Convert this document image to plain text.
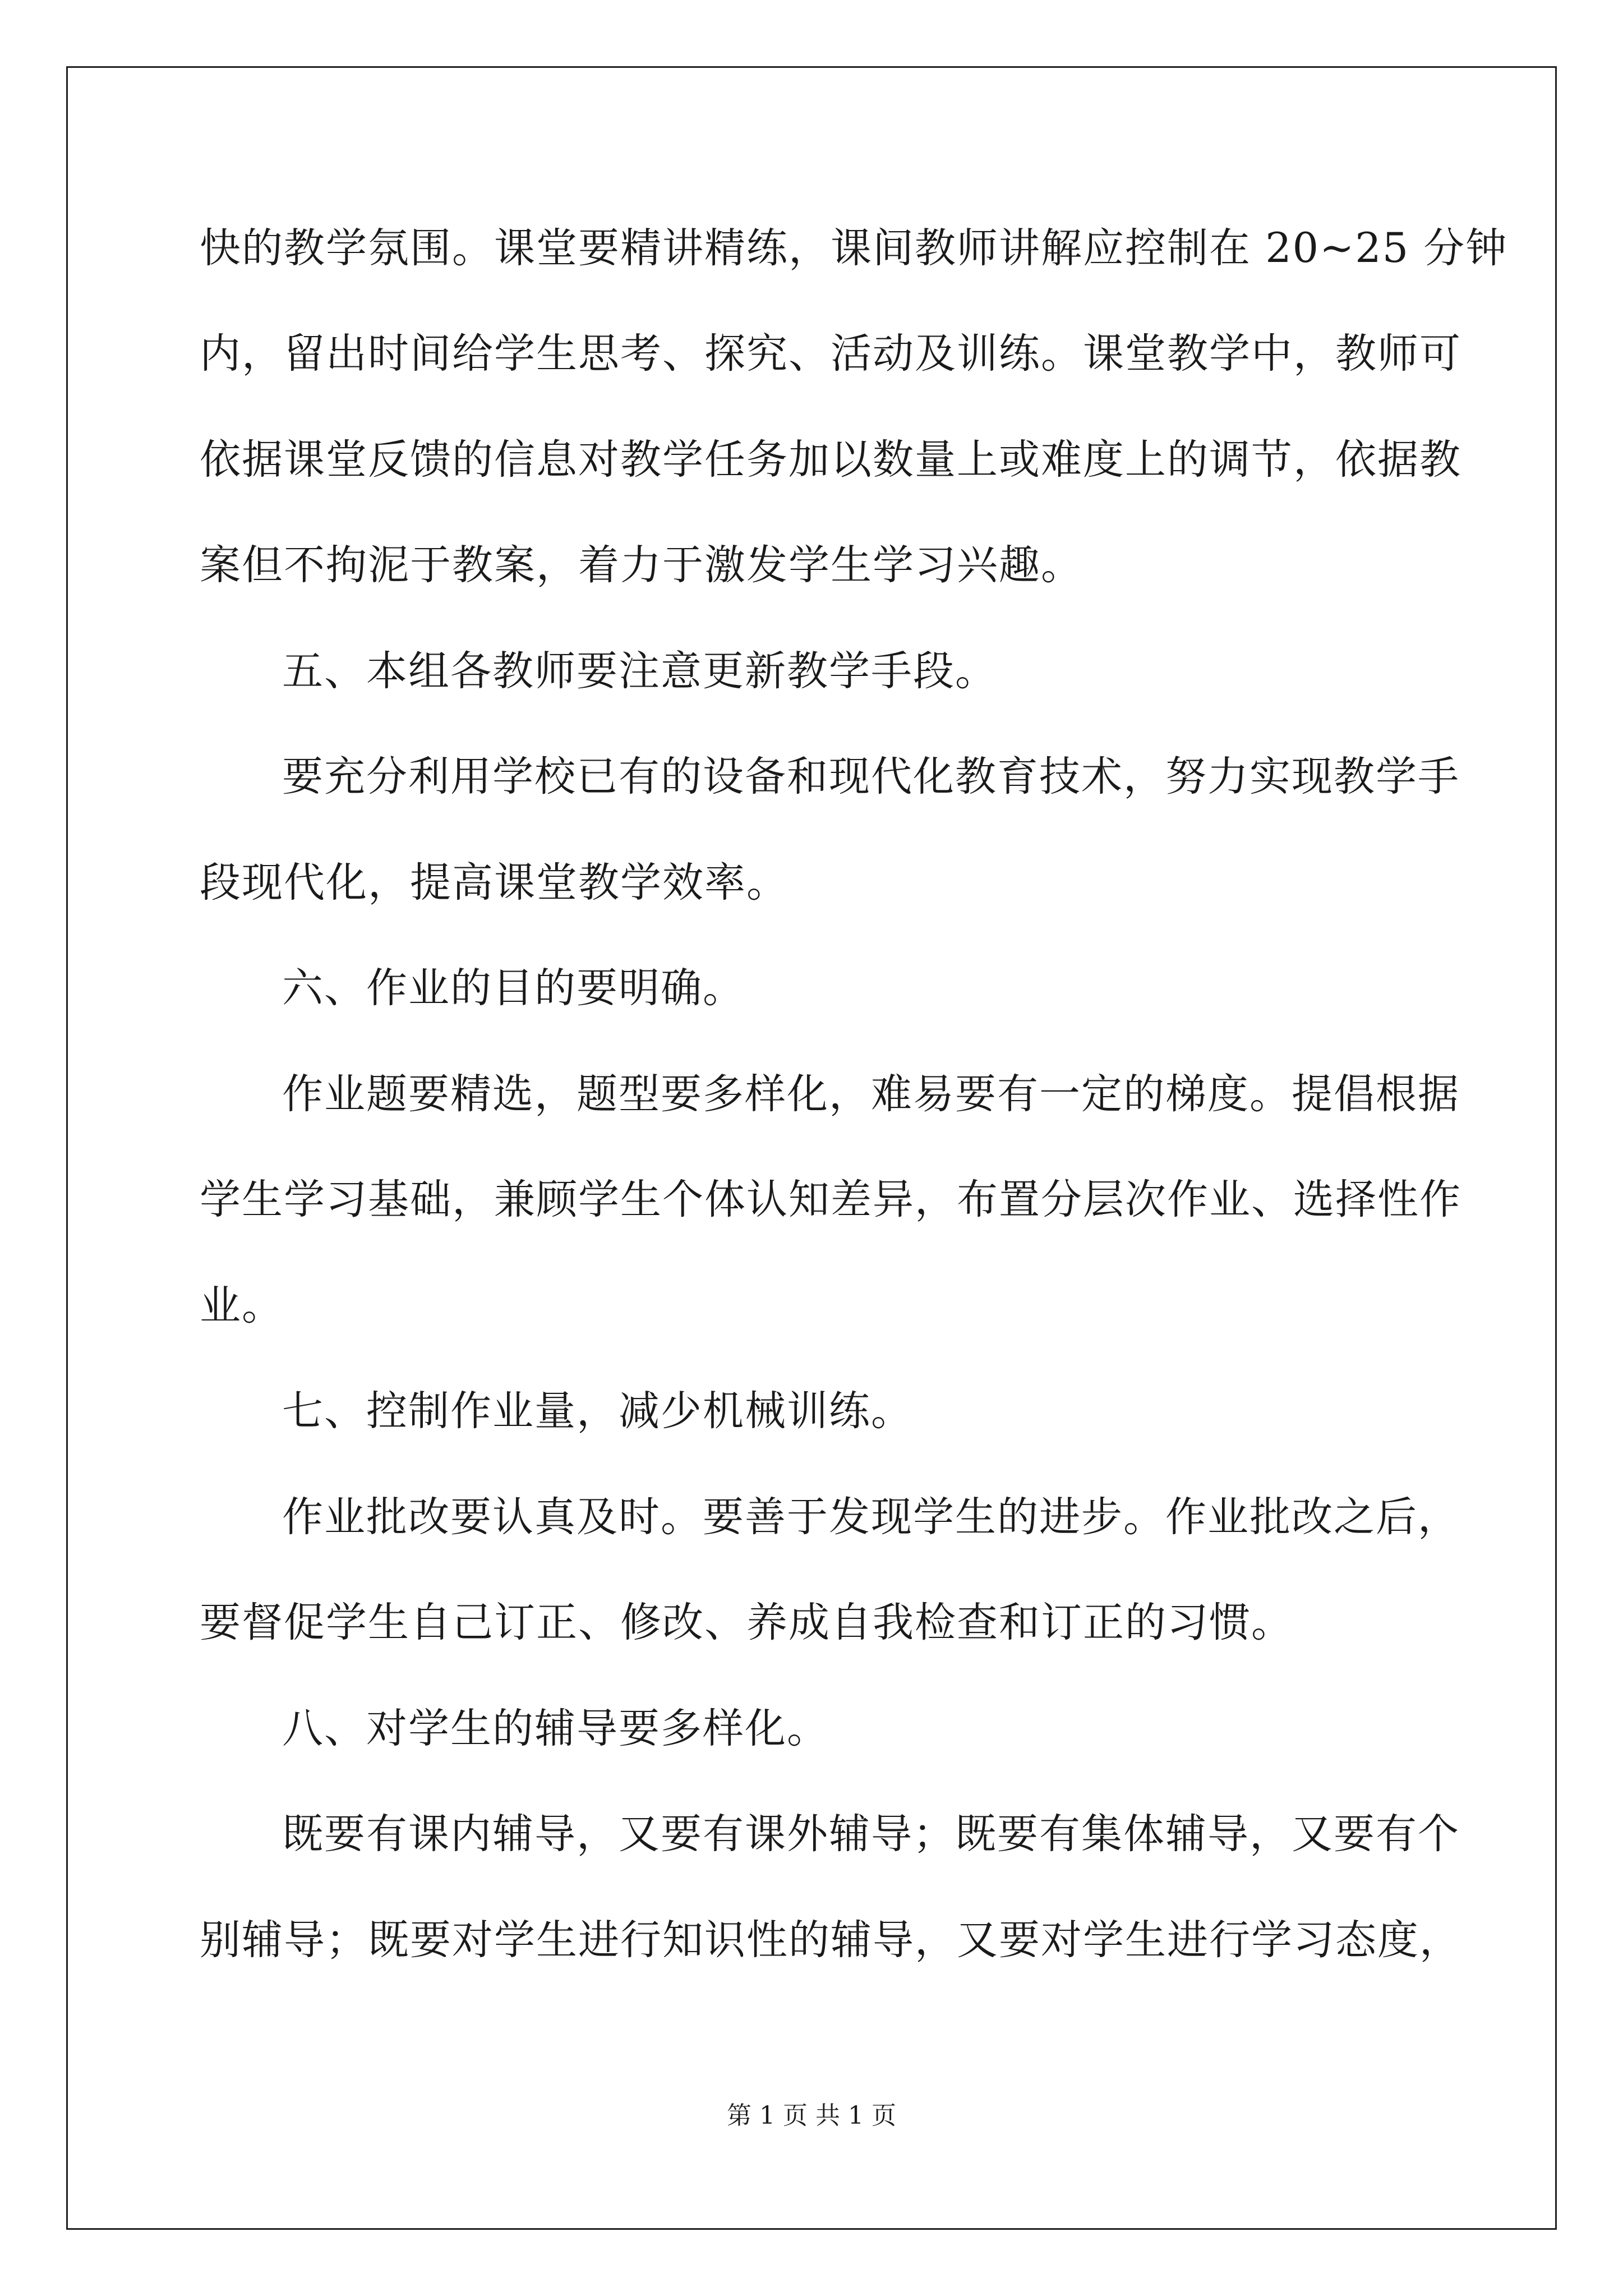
快的教学氛围。课堂要精讲精练，课间教师讲解应控制在 20~25 分钟
内，留出时间给学生思考、探究、活动及训练。课堂教学中，教师可
依据课堂反馈的信息对教学任务加以数量上或难度上的调节，依据教
案但不拘泥于教案，着力于激发学生学习兴趣。
五、本组各教师要注意更新教学手段。
要充分利用学校已有的设备和现代化教育技术，努力实现教学手
段现代化，提高课堂教学效率。
六、作业的目的要明确。
作业题要精选，题型要多样化，难易要有一定的梯度。提倡根据
学生学习基础，兼顾学生个体认知差异，布置分层次作业、选择性作
业。
七、控制作业量，减少机械训练。
作业批改要认真及时。要善于发现学生的进步。作业批改之后，
要督促学生自己订正、修改、养成自我检查和订正的习惯。
八、对学生的辅导要多样化。
既要有课内辅导，又要有课外辅导；既要有集体辅导，又要有个
别辅导；既要对学生进行知识性的辅导，又要对学生进行学习态度，
第 1 页 共 1 页
